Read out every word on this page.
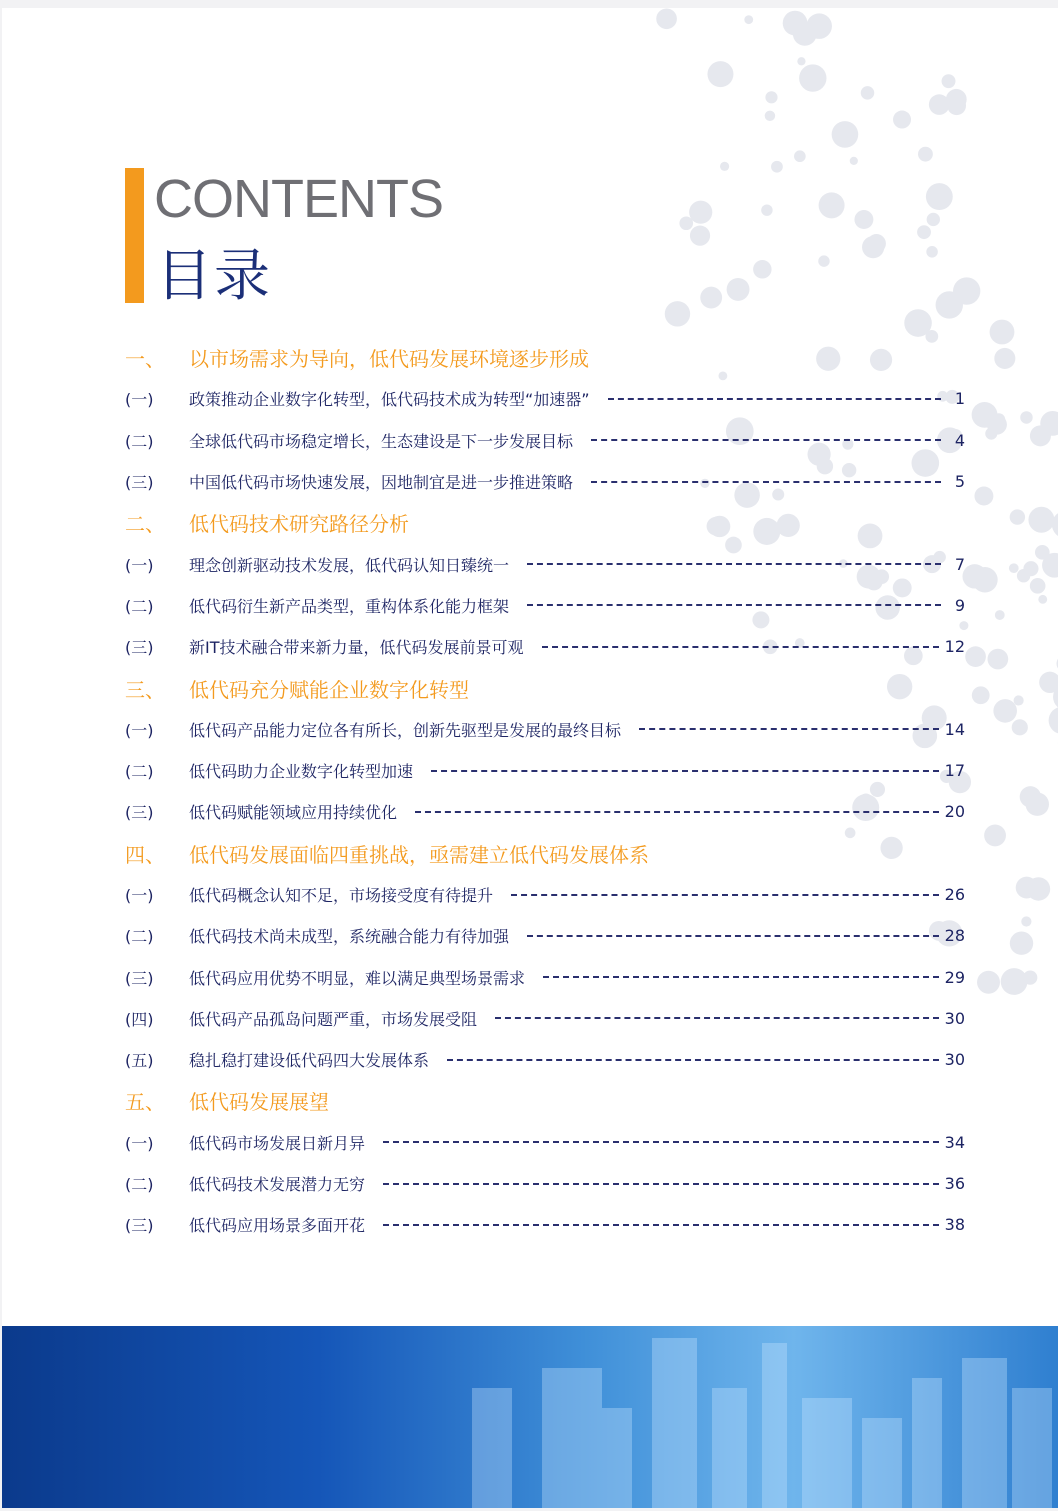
CONTENTS
目录
一、	以市场需求为导向，低代码发展环境逐步形成
(一)	政策推动企业数字化转型，低代码技术成为转型“加速器”	1
(二)	全球低代码市场稳定增长，生态建设是下一步发展目标	4
(三)	中国低代码市场快速发展，因地制宜是进一步推进策略	5
二、	低代码技术研究路径分析
(一)	理念创新驱动技术发展，低代码认知日臻统一	7
(二)	低代码衍生新产品类型，重构体系化能力框架	9
(三)	新IT技术融合带来新力量，低代码发展前景可观	12
三、	低代码充分赋能企业数字化转型
(一)	低代码产品能力定位各有所长，创新先驱型是发展的最终目标	14
(二)	低代码助力企业数字化转型加速	17
(三)	低代码赋能领域应用持续优化	20
四、	低代码发展面临四重挑战，亟需建立低代码发展体系
(一)	低代码概念认知不足，市场接受度有待提升	26
(二)	低代码技术尚未成型，系统融合能力有待加强	28
(三)	低代码应用优势不明显，难以满足典型场景需求	29
(四)	低代码产品孤岛问题严重，市场发展受阻	30
(五)	稳扎稳打建设低代码四大发展体系	30
五、	低代码发展展望
(一)	低代码市场发展日新月异	34
(二)	低代码技术发展潜力无穷	36
(三)	低代码应用场景多面开花	38
